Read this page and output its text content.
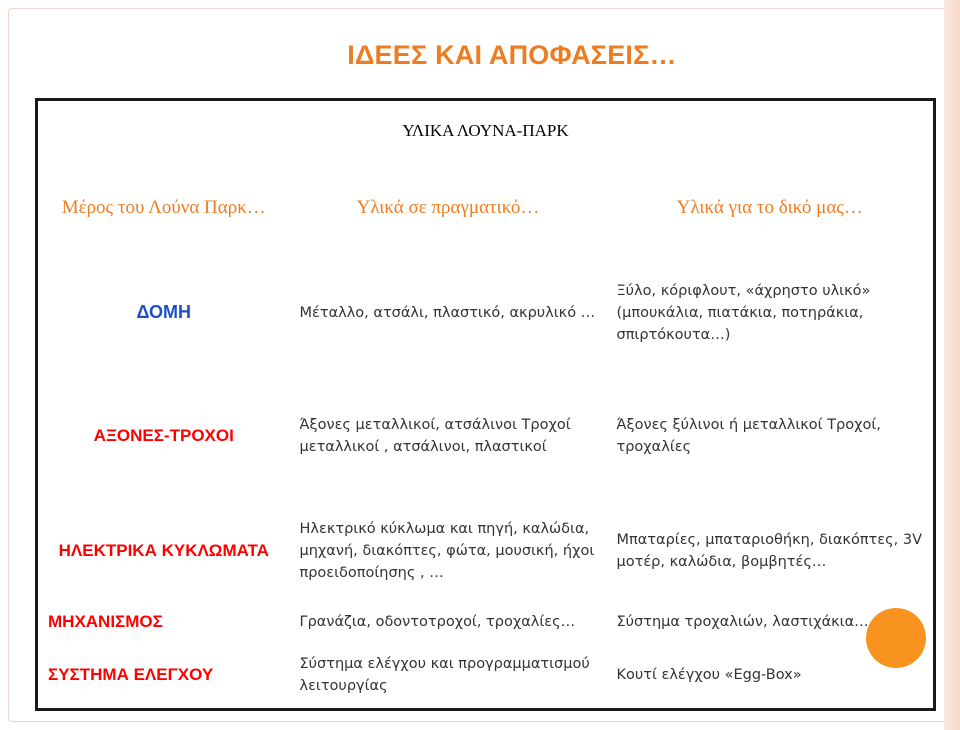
ΙΔΕΕΣ ΚΑΙ ΑΠΟΦΑΣΕΙΣ…
ΥΛΙΚΑ ΛΟΥΝΑ-ΠΑΡΚ		
Μέρος του Λούνα Παρκ…	Υλικά σε πραγματικό…	Υλικά για το δικό μας…
ΔΟΜΗ	Μέταλλο, ατσάλι, πλαστικό, ακρυλικό …	Ξύλο, κόριφλουτ, «άχρηστο υλικό» (μπουκάλια, πιατάκια, ποτηράκια, σπιρτόκουτα…)
ΑΞΟΝΕΣ-ΤΡΟΧΟΙ	Άξονες μεταλλικοί, ατσάλινοι Τροχοί μεταλλικοί , ατσάλινοι, πλαστικοί	Άξονες ξύλινοι ή μεταλλικοί Τροχοί, τροχαλίες
ΗΛΕΚΤΡΙΚΑ ΚΥΚΛΩΜΑΤΑ	Ηλεκτρικό κύκλωμα και πηγή, καλώδια, μηχανή, διακόπτες, φώτα, μουσική, ήχοι προειδοποίησης , …	Μπαταρίες, μπαταριοθήκη, διακόπτες, 3V μοτέρ, καλώδια, βομβητές…
ΜΗΧΑΝΙΣΜΟΣ	Γρανάζια, οδοντοτροχοί, τροχαλίες…	Σύστημα τροχαλιών, λαστιχάκια…
ΣΥΣΤΗΜΑ ΕΛΕΓΧΟΥ	Σύστημα ελέγχου και προγραμματισμού λειτουργίας	Κουτί ελέγχου «Egg-Box»
